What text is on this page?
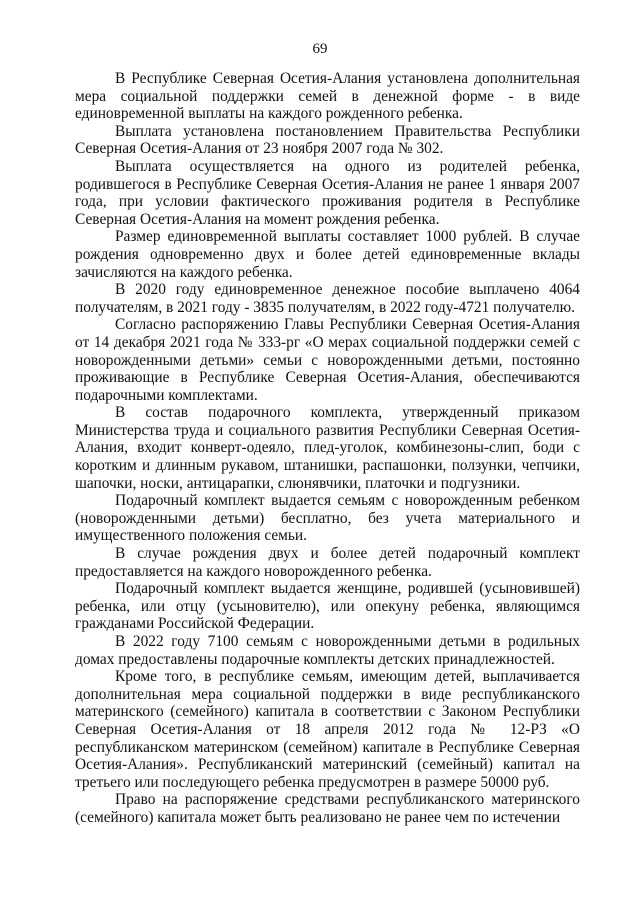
69

В Республике Северная Осетия-Алания установлена дополнительная мера социальной поддержки семей в денежной форме - в виде единовременной выплаты на каждого рожденного ребенка.

Выплата установлена постановлением Правительства Республики Северная Осетия-Алания от 23 ноября 2007 года № 302.

Выплата осуществляется на одного из родителей ребенка, родившегося в Республике Северная Осетия-Алания не ранее 1 января 2007 года, при условии фактического проживания родителя в Республике Северная Осетия-Алания на момент рождения ребенка.

Размер единовременной выплаты составляет 1000 рублей. В случае рождения одновременно двух и более детей единовременные вклады зачисляются на каждого ребенка.

В 2020 году единовременное денежное пособие выплачено 4064 получателям, в 2021 году - 3835 получателям, в 2022 году-4721 получателю.

Согласно распоряжению Главы Республики Северная Осетия-Алания от 14 декабря 2021 года № 333-рг «О мерах социальной поддержки семей с новорожденными детьми» семьи с новорожденными детьми, постоянно проживающие в Республике Северная Осетия-Алания, обеспечиваются подарочными комплектами.

В состав подарочного комплекта, утвержденный приказом Министерства труда и социального развития Республики Северная Осетия-Алания, входит конверт-одеяло, плед-уголок, комбинезоны-слип, боди с коротким и длинным рукавом, штанишки, распашонки, ползунки, чепчики, шапочки, носки, антицарапки, слюнявчики, платочки и подгузники.

Подарочный комплект выдается семьям с новорожденным ребенком (новорожденными детьми) бесплатно, без учета материального и имущественного положения семьи.

В случае рождения двух и более детей подарочный комплект предоставляется на каждого новорожденного ребенка.

Подарочный комплект выдается женщине, родившей (усыновившей) ребенка, или отцу (усыновителю), или опекуну ребенка, являющимся гражданами Российской Федерации.

В 2022 году 7100 семьям с новорожденными детьми в родильных домах предоставлены подарочные комплекты детских принадлежностей.

Кроме того, в республике семьям, имеющим детей, выплачивается дополнительная мера социальной поддержки в виде республиканского материнского (семейного) капитала в соответствии с Законом Республики Северная Осетия-Алания от 18 апреля 2012 года № 12-РЗ «О республиканском материнском (семейном) капитале в Республике Северная Осетия-Алания». Республиканский материнский (семейный) капитал на третьего или последующего ребенка предусмотрен в размере 50000 руб.

Право на распоряжение средствами республиканского материнского (семейного) капитала может быть реализовано не ранее чем по истечении
